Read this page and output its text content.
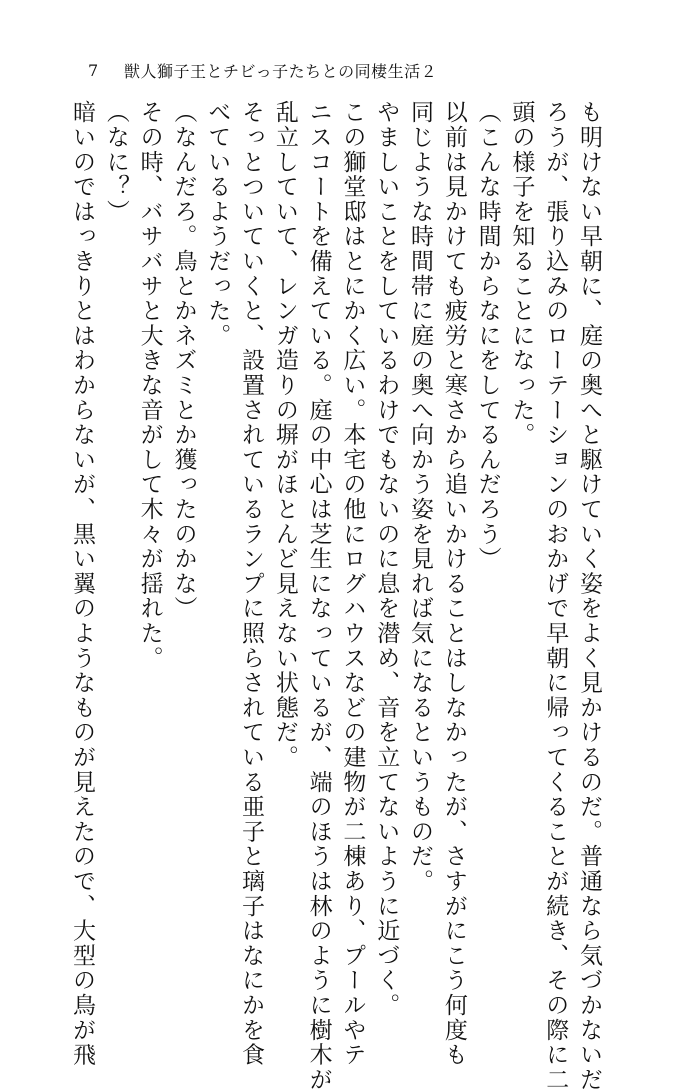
7	獣人獅子王とチビっ子たちとの同棲生活２
も明けない早朝に、庭の奥へと駆けていく姿をよく見かけるのだ。普通なら気づかないだ
ろうが、張り込みのローテーションのおかげで早朝に帰ってくることが続き、その際に二
頭の様子を知ることになった。
（こんな時間からなにをしてるんだろう）
以前は見かけても疲労と寒さから追いかけることはしなかったが、さすがにこう何度も
同じような時間帯に庭の奥へ向かう姿を見れば気になるというものだ。
やましいことをしているわけでもないのに息を潜め、音を立てないように近づく。
この獅堂邸はとにかく広い。本宅の他にログハウスなどの建物が二棟あり、プールやテ
ニスコートを備えている。庭の中心は芝生になっているが、端のほうは林のように樹木が
乱立していて、レンガ造りの塀がほとんど見えない状態だ。
そっとついていくと、設置されているランプに照らされている亜子と璃子はなにかを食
べているようだった。
（なんだろ。鳥とかネズミとか獲ったのかな）
その時、バサバサと大きな音がして木々が揺れた。
（なに？）
暗いのではっきりとはわからないが、黒い翼のようなものが見えたので、大型の鳥が飛
